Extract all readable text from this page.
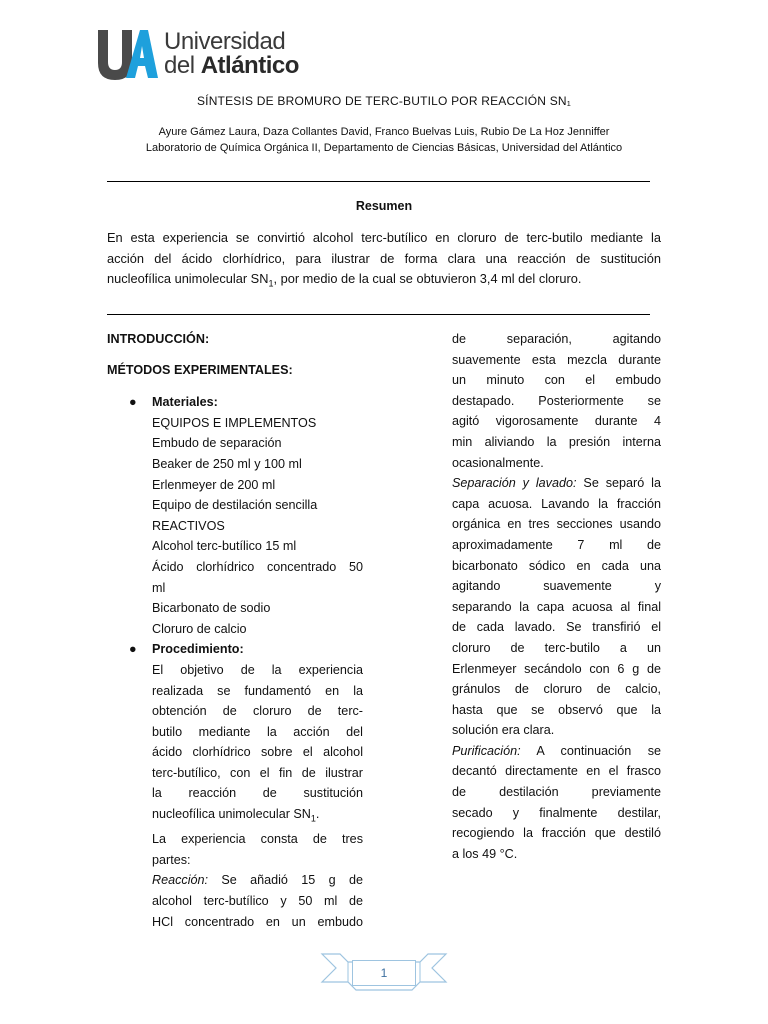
Universidad
del Atlántico
SÍNTESIS DE BROMURO DE TERC-BUTILO POR REACCIÓN SN₁
Ayure Gámez Laura, Daza Collantes David, Franco Buelvas Luis, Rubio De La Hoz Jenniffer
Laboratorio de Química Orgánica II, Departamento de Ciencias Básicas, Universidad del Atlántico
Resumen
En esta experiencia se convirtió alcohol terc-butílico en cloruro de terc-butilo mediante la
acción del ácido clorhídrico, para ilustrar de forma clara una reacción de sustitución
nucleofílica unimolecular $SN_1$, por medio de la cual se obtuvieron 3,4 ml del cloruro.

INTRODUCCIÓN:

MÉTODOS EXPERIMENTALES:

● Materiales:

EQUIPOS E IMPLEMENTOS

Embudo de separación

Beaker de 250 ml y 100 ml

Erlenmeyer de 200 ml

Equipo de destilación sencilla

REACTIVOS

Alcohol terc-butílico 15 ml

Ácido clorhídrico concentrado 50

ml

Bicarbonato de sodio

Cloruro de calcio

● Procedimiento:

El objetivo de la experiencia

realizada se fundamentó en la

obtención de cloruro de terc-

butilo mediante la acción del

ácido clorhídrico sobre el alcohol

terc-butílico, con el fin de ilustrar

la reacción de sustitución

nucleofílica unimolecular $SN_1$.

La experiencia consta de tres

partes:

Reacción: Se añadió 15 g de

alcohol terc-butílico y 50 ml de

HCl concentrado en un embudo

de separación, agitando

suavemente esta mezcla durante

un minuto con el embudo

destapado. Posteriormente se

agitó vigorosamente durante 4

min aliviando la presión interna

ocasionalmente.

Separación y lavado: Se separó la

capa acuosa. Lavando la fracción

orgánica en tres secciones usando

aproximadamente 7 ml de

bicarbonato sódico en cada una

agitando suavemente y

separando la capa acuosa al final

de cada lavado. Se transfirió el

cloruro de terc-butilo a un

Erlenmeyer secándolo con 6 g de

gránulos de cloruro de calcio,

hasta que se observó que la

solución era clara.

Purificación: A continuación se

decantó directamente en el frasco

de destilación previamente

secado y finalmente destilar,

recogiendo la fracción que destiló

a los 49 °C.

1
